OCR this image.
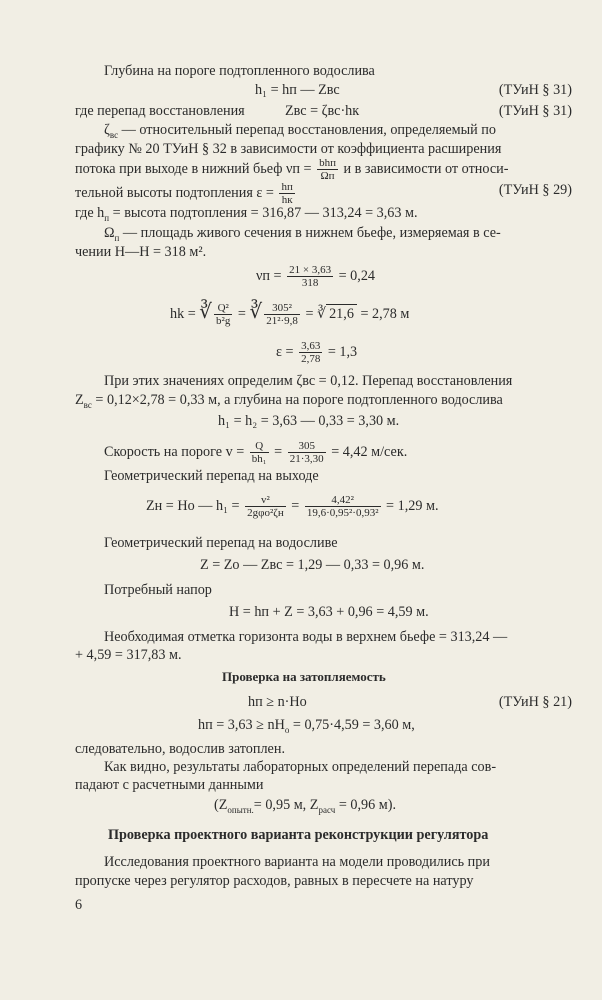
Глубина на пороге подтопленного водослива
h₁ = hп — Zвс	(ТУиН § 31)
где перепад восстановления	Zвс = ζвс·hк	(ТУиН § 31)
$\zeta_{вс}$ — относительный перепад восстановления, определяемый по
графику № 20 ТУиН § 32 в зависимости от коэффициента расширения
потока при выходе в нижний бьеф $\nu п = \frac{\text{bhп}}{\Omega п}$ и в зависимости от относи-
тельной высоты подтопления $\varepsilon = \frac{hп}{hк}$	(ТУиН § 29)
где $h_п$ = высота подтопления = 316,87 — 313,24 = 3,63 м.
$\Omega_п$ — площадь живого сечения в нижнем бьефе, измеряемая в се-
чении Н—Н = 318 м².
$\nu п = \frac{21 \times 3,63}{318} = 0,24$
hk = ∛ $\frac{\text{Q²}}{\text{b²g}}$ = ∛ $\frac{\text{305²}}{\text{21²·9,8}}$ = ∛ 21,6 = 2,78 м
$\varepsilon = \frac{3,63}{2,78} = 1,3$
При этих значениях определим ζвс = 0,12. Перепад восстановления
$Z_{вс} = 0,12\times 2,78 = 0,33$ м, а глубина на пороге подтопленного водослива
h₁ = h₂ = 3,63 — 0,33 = 3,30 м.
Скорость на пороге $v = \frac{Q}{\text{bh₁}} = \frac{305}{21\cdot 3,30} = 4,42$ м/сек.
Геометрический перепад на выходе
Zн = Hо — $h_1 = \frac{\text{v²}}{\text{2gφо²ζн}} = \frac{\text{4,42²}}{\text{19,6·0,95²·0,93²}} = 1,29$ м.
Геометрический перепад на водосливе
Z = Zо — Zвс = 1,29 — 0,33 = 0,96 м.
Потребный напор
H = hп + Z = 3,63 + 0,96 = 4,59 м.
Необходимая отметка горизонта воды в верхнем бьефе = 313,24 —
+ 4,59 = 317,83 м.
Проверка на затопляемость
hп ≥ n·Hо	(ТУиН § 21)
hп = $3,63 \ge nH_о = 0,75\cdot 4,59 = 3,60$ м,
следовательно, водослив затоплен.
Как видно, результаты лабораторных определений перепада сов-
падают с расчетными данными
($Z_{опытн.}= 0,95$ м, $Z_{расч} = 0,96$ м).
Проверка проектного варианта реконструкции регулятора
Исследования проектного варианта на модели проводились при
пропуске через регулятор расходов, равных в пересчете на натуру
6
